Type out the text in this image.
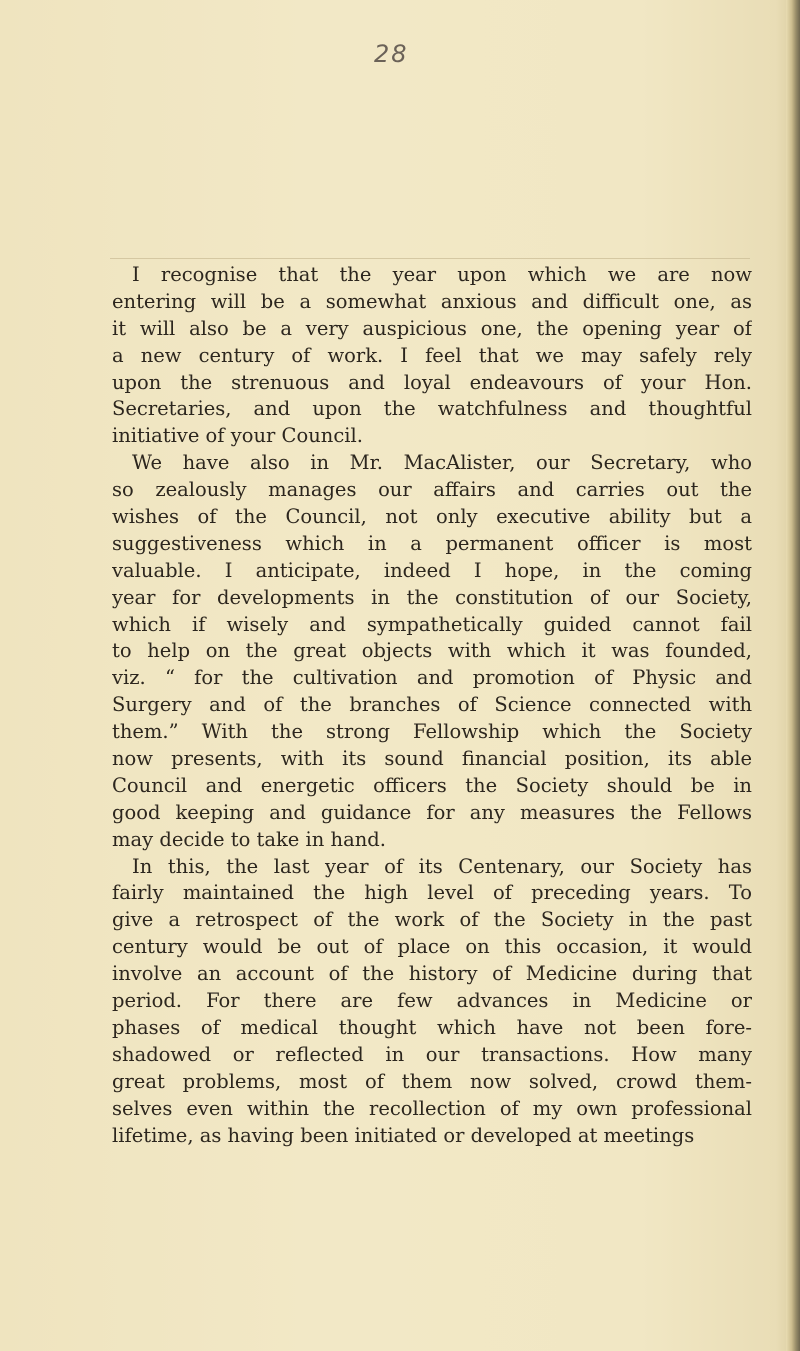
28
I recognise that the year upon which we are now
entering will be a somewhat anxious and difficult one, as
it will also be a very auspicious one, the opening year of
a new century of work. I feel that we may safely rely
upon the strenuous and loyal endeavours of your Hon.
Secretaries, and upon the watchfulness and thoughtful
initiative of your Council.
We have also in Mr. MacAlister, our Secretary, who
so zealously manages our affairs and carries out the
wishes of the Council, not only executive ability but a
suggestiveness which in a permanent officer is most
valuable. I anticipate, indeed I hope, in the coming
year for developments in the constitution of our Society,
which if wisely and sympathetically guided cannot fail
to help on the great objects with which it was founded,
viz. “ for the cultivation and promotion of Physic and
Surgery and of the branches of Science connected with
them.” With the strong Fellowship which the Society
now presents, with its sound financial position, its able
Council and energetic officers the Society should be in
good keeping and guidance for any measures the Fellows
may decide to take in hand.
In this, the last year of its Centenary, our Society has
fairly maintained the high level of preceding years. To
give a retrospect of the work of the Society in the past
century would be out of place on this occasion, it would
involve an account of the history of Medicine during that
period. For there are few advances in Medicine or
phases of medical thought which have not been fore-
shadowed or reflected in our transactions. How many
great problems, most of them now solved, crowd them-
selves even within the recollection of my own professional
lifetime, as having been initiated or developed at meetings
